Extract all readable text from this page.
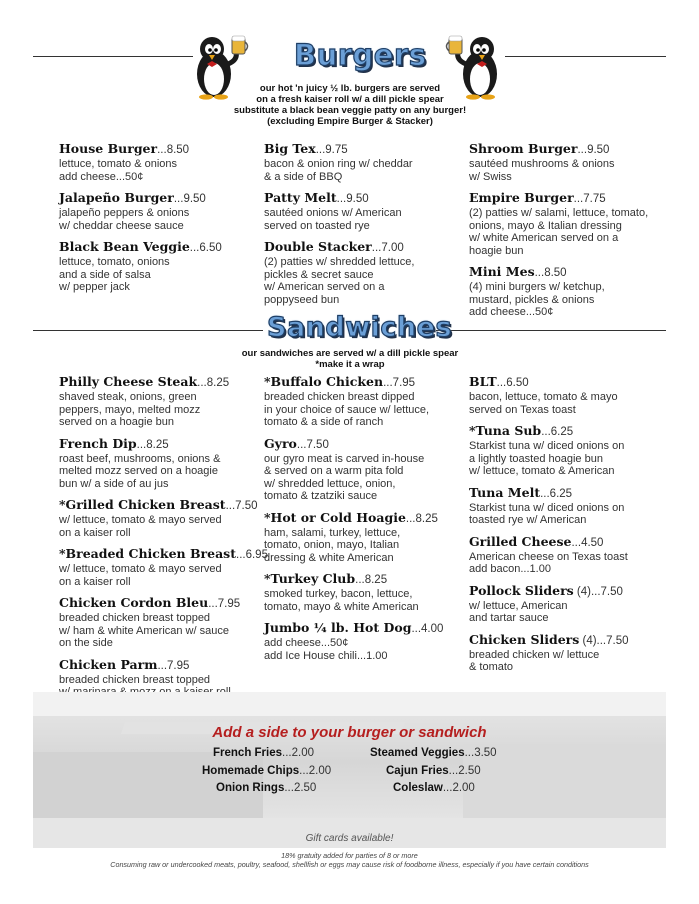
Burgers
our hot 'n juicy ½ lb. burgers are served
on a fresh kaiser roll w/ a dill pickle spear
substitute a black bean veggie patty on any burger!
(excluding Empire Burger & Stacker)
House Burger...8.50
lettuce, tomato & onions
add cheese...50¢
Jalapeño Burger...9.50
jalapeño peppers & onions
w/ cheddar cheese sauce
Black Bean Veggie...6.50
lettuce, tomato, onions
and a side of salsa
w/ pepper jack
Big Tex...9.75
bacon & onion ring w/ cheddar
& a side of BBQ
Patty Melt...9.50
sautéed onions w/ American
served on toasted rye
Double Stacker...7.00
(2) patties w/ shredded lettuce,
pickles & secret sauce
w/ American served on a
poppyseed bun
Shroom Burger...9.50
sautéed mushrooms & onions
w/ Swiss
Empire Burger...7.75
(2) patties w/ salami, lettuce, tomato,
onions, mayo & Italian dressing
w/ white American served on a
hoagie bun
Mini Mes...8.50
(4) mini burgers w/ ketchup,
mustard, pickles & onions
add cheese...50¢
Sandwiches
our sandwiches are served w/ a dill pickle spear
*make it a wrap
Philly Cheese Steak...8.25
shaved steak, onions, green
peppers, mayo, melted mozz
served on a hoagie bun
French Dip...8.25
roast beef, mushrooms, onions &
melted mozz served on a hoagie
bun w/ a side of au jus
*Grilled Chicken Breast...7.50
w/ lettuce, tomato & mayo served
on a kaiser roll
*Breaded Chicken Breast...6.95
w/ lettuce, tomato & mayo served
on a kaiser roll
Chicken Cordon Bleu...7.95
breaded chicken breast topped
w/ ham & white American w/ sauce
on the side
Chicken Parm...7.95
breaded chicken breast topped
*Buffalo Chicken...7.95
breaded chicken breast dipped
in your choice of sauce w/ lettuce,
tomato & a side of ranch
Gyro...7.50
our gyro meat is carved in-house
& served on a warm pita fold
w/ shredded lettuce, onion,
tomato & tzatziki sauce
*Hot or Cold Hoagie...8.25
ham, salami, turkey, lettuce,
tomato, onion, mayo, Italian
dressing & white American
*Turkey Club...8.25
smoked turkey, bacon, lettuce,
tomato, mayo & white American
Jumbo ¼ lb. Hot Dog...4.00
add cheese...50¢
add Ice House chili...1.00
BLT...6.50
bacon, lettuce, tomato & mayo
served on Texas toast
*Tuna Sub...6.25
Starkist tuna w/ diced onions on
a lightly toasted hoagie bun
w/ lettuce, tomato & American
Tuna Melt...6.25
Starkist tuna w/ diced onions on
toasted rye w/ American
Grilled Cheese...4.50
American cheese on Texas toast
add bacon...1.00
Pollock Sliders (4)...7.50
w/ lettuce, American
and tartar sauce
Chicken Sliders (4)...7.50
breaded chicken w/ lettuce
& tomato
Add a side to your burger or sandwich
French Fries...2.00
Homemade Chips...2.00
Onion Rings...2.50
Steamed Veggies...3.50
Cajun Fries...2.50
Coleslaw...2.00
Gift cards available!
18% gratuity added for parties of 8 or more
Consuming raw or undercooked meats, poultry, seafood, shellfish or eggs may cause risk of foodborne illness, especially if you have certain conditions
